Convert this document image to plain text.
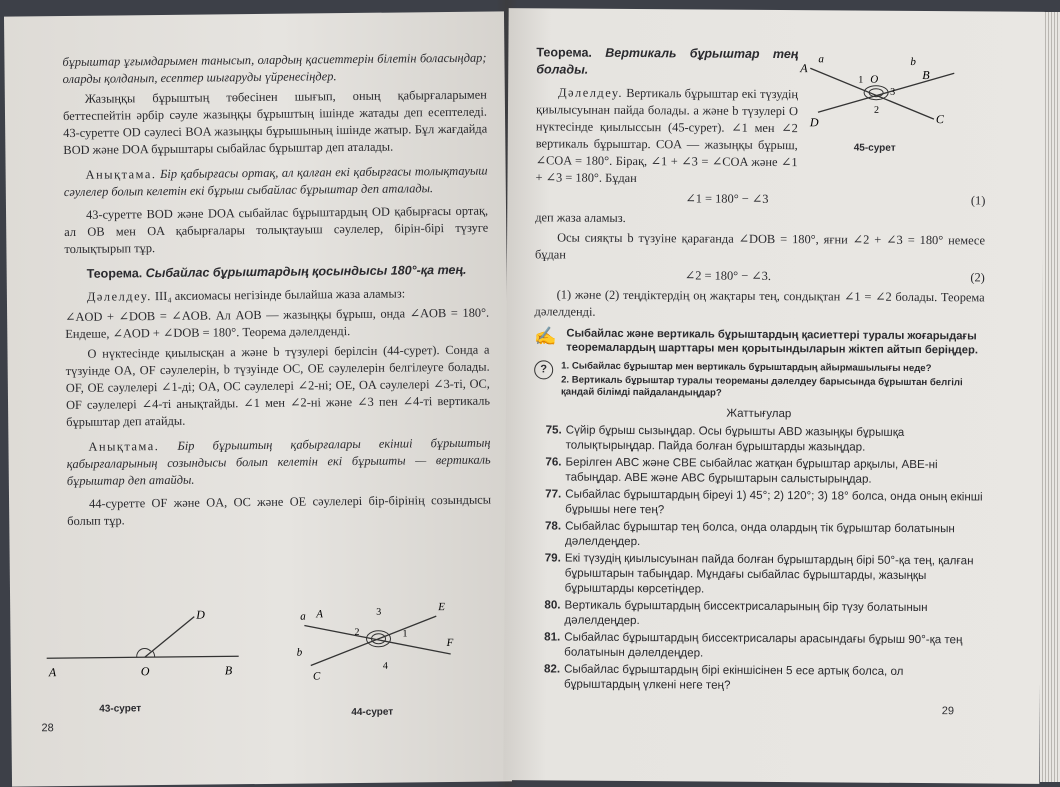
бұрыштар ұғымдарымен танысып, олардың қасиеттерін білетін боласыңдар; оларды қолданып, есептер шығаруды үйренесіңдер.

Жазыңқы бұрыштың төбесінен шығып, оның қабырғаларымен беттеспейтін әрбір сәуле жазыңқы бұрыштың ішінде жатады деп есептеледі. 43-суретте OD сәулесі BOA жазыңқы бұрышының ішінде жатыр. Бұл жағдайда BOD және DOA бұрыштары сыбайлас бұрыштар деп аталады.

Анықтама. Бір қабырғасы ортақ, ал қалған екі қабырғасы толықтауыш сәулелер болып келетін екі бұрыш сыбайлас бұрыштар деп аталады.

43-суретте BOD және DOA сыбайлас бұрыштардың OD қабырғасы ортақ, ал OB мен OA қабырғалары толықтауыш сәулелер, бірін-бірі түзуге толықтырып тұр.

Теорема. Сыбайлас бұрыштардың қосындысы 180°-қа тең.

Дәлелдеу. III₄ аксиомасы негізінде былайша жаза аламыз:

∠AOD + ∠DOB = ∠AOB. Ал AOB — жазыңқы бұрыш, онда ∠AOB = 180°. Ендеше, ∠AOD + ∠DOB = 180°. Теорема дәлелденді.

O нүктесінде қиылысқан a және b түзулері берілсін (44-сурет). Сонда a түзуінде OA, OF сәулелерін, b түзуінде OC, OE сәулелерін белгілеуге болады. OF, OE сәулелері ∠1-ді; OA, OC сәулелері ∠2-ні; OE, OA сәулелері ∠3-ті, OC, OF сәулелері ∠4-ті анықтайды. ∠1 мен ∠2-ні және ∠3 пен ∠4-ті вертикаль бұрыштар деп атайды.

Анықтама. Бір бұрыштың қабырғалары екінші бұрыштың қабырғаларының созындысы болып келетін екі бұрышты — вертикаль бұрыштар деп атайды.

44-суретте OF және OA, OC және OE сәулелері бір-бірінің созындысы болып тұр.

A	O	B
D
43-сурет
a A	3	E
2	1
F
b
C
4
44-сурет
28

Теорема. Вертикаль бұрыштар тең болады.

Дәлелдеу. Вертикаль бұрыштар екі түзудің қиылысуынан пайда болады. a және b түзулері O нүктесінде қиылыссын (45-сурет). ∠1 мен ∠2 вертикаль бұрыштар. COA — жазыңқы бұрыш, ∠COA = 180°. Бірақ, ∠1 + ∠3 = ∠COA және ∠1 + ∠3 = 180°. Бұдан

∠1 = 180° − ∠3	(1)

деп жаза аламыз.

Осы сияқты b түзуіне қарағанда ∠DOB = 180°, яғни ∠2 + ∠3 = 180° немесе бұдан

∠2 = 180° − ∠3.	(2)

(1) және (2) теңдіктердің оң жақтары тең, сондықтан ∠1 = ∠2 болады. Теорема дәлелденді.

✍ Сыбайлас және вертикаль бұрыштардың қасиеттері туралы жоғарыдағы теоремалардың шарттары мен қорытындыларын жіктеп айтып беріңдер.
?	1. Сыбайлас бұрыштар мен вертикаль бұрыштардың айырмашылығы неде?
2. Вертикаль бұрыштар туралы теореманы дәлелдеу барысында бұрыштан белгілі қандай білімді пайдаландыңдар?
Жаттығулар
75. Сүйір бұрыш сызыңдар. Осы бұрышты ABD жазыңқы бұрышқа толықтырыңдар. Пайда болған бұрыштарды жазыңдар.
76. Берілген ABC және CBE сыбайлас жатқан бұрыштар арқылы, ABE-ні табыңдар. ABE және ABC бұрыштарын салыстырыңдар.
77. Сыбайлас бұрыштардың біреуі 1) 45°; 2) 120°; 3) 18° болса, онда оның екінші бұрышы неге тең?
78. Сыбайлас бұрыштар тең болса, онда олардың тік бұрыштар болатынын дәлелдеңдер.
79. Екі түзудің қиылысуынан пайда болған бұрыштардың бірі 50°-қа тең, қалған бұрыштарын табыңдар. Мұндағы сыбайлас бұрыштарды, жазыңқы бұрыштарды көрсетіңдер.
80. Вертикаль бұрыштардың биссектрисаларының бір түзу болатынын дәлелдеңдер.
81. Сыбайлас бұрыштардың биссектрисалары арасындағы бұрыш 90°-қа тең болатынын дәлелдеңдер.
82. Сыбайлас бұрыштардың бірі екіншісінен 5 есе артық болса, ол бұрыштардың үлкені неге тең?
A
a	b
B
1 O
3
2
D	C
45-сурет
29
